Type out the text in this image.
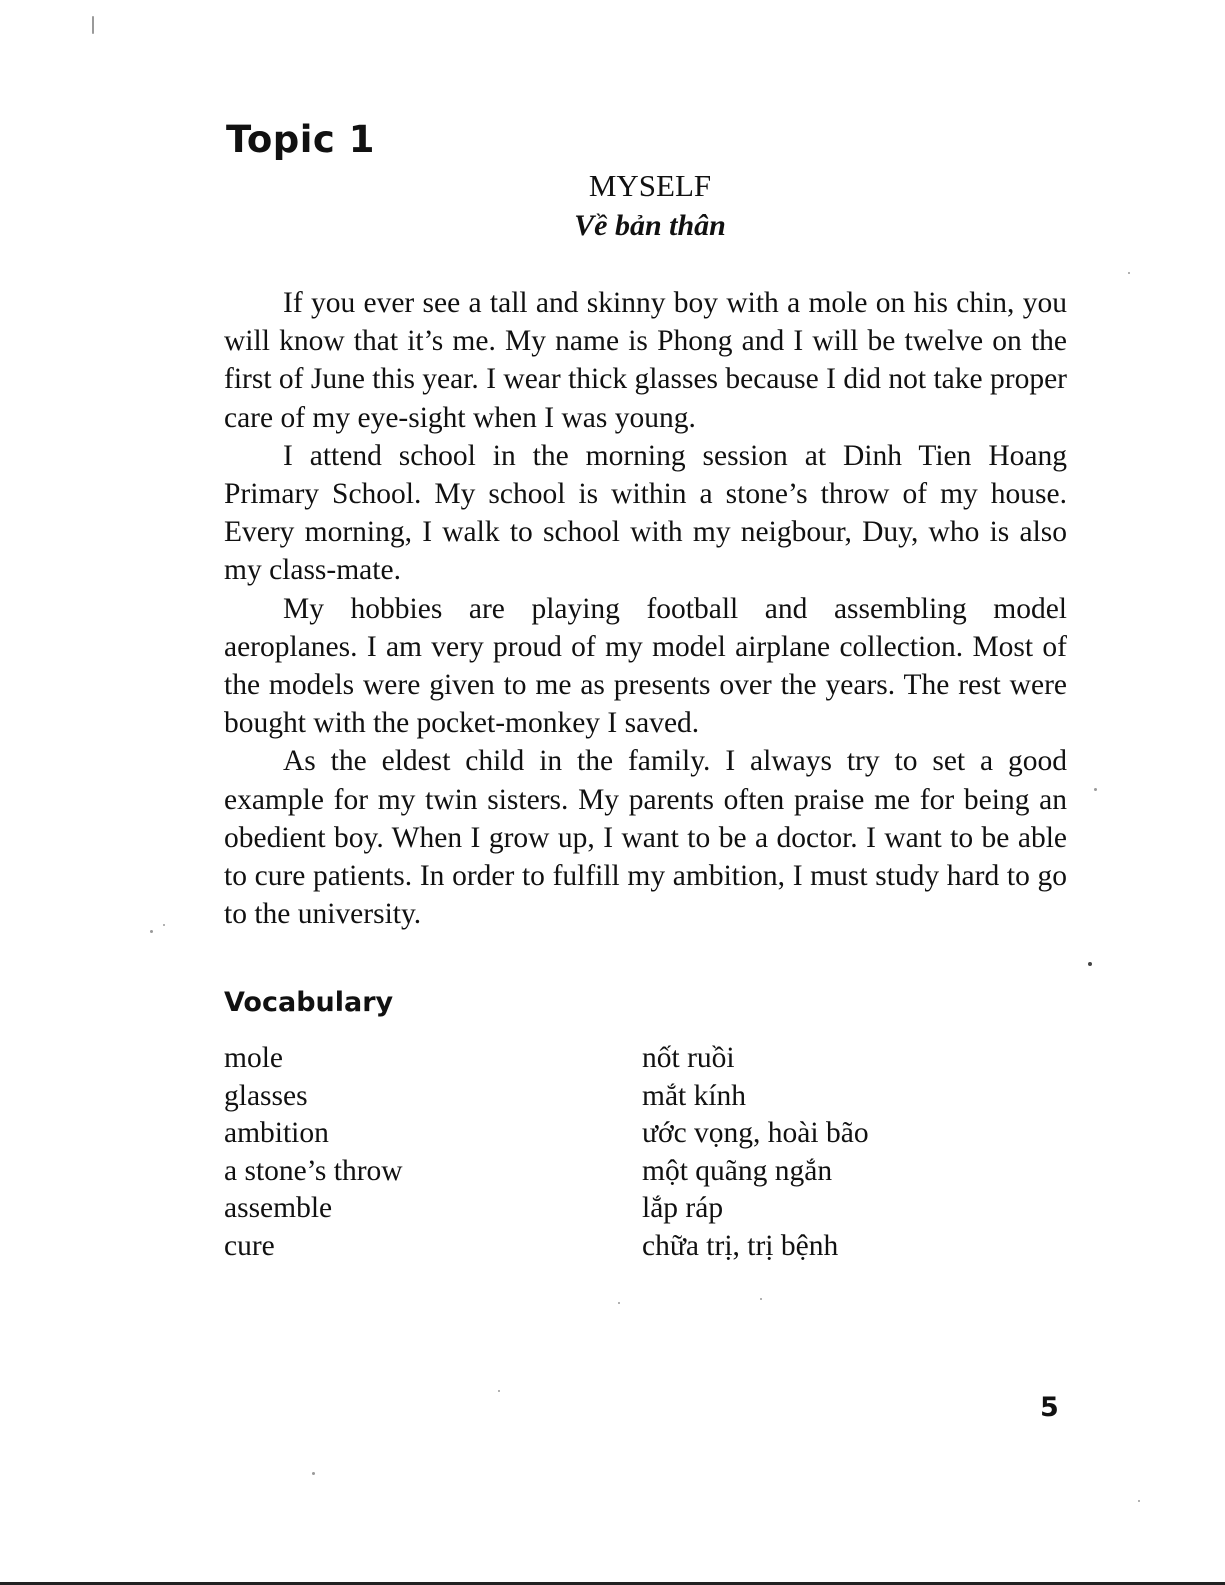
Topic 1
MYSELF
Về bản thân

If you ever see a tall and skinny boy with a mole on his chin, you will know that it’s me. My name is Phong and I will be twelve on the first of June this year. I wear thick glasses because I did not take proper care of my eye-sight when I was young.

I attend school in the morning session at Dinh Tien Hoang Primary School. My school is within a stone’s throw of my house. Every morning, I walk to school with my neigbour, Duy, who is also my class-mate.

My hobbies are playing football and assembling model aeroplanes. I am very proud of my model airplane collection. Most of the models were given to me as presents over the years. The rest were bought with the pocket-monkey I saved.

As the eldest child in the family. I always try to set a good example for my twin sisters. My parents often praise me for being an obedient boy. When I grow up, I want to be a doctor. I want to be able to cure patients. In order to fulfill my ambition, I must study hard to go to the university.

Vocabulary
mole	nốt ruồi
glasses	mắt kính
ambition	ước vọng, hoài bão
a stone’s throw	một quãng ngắn
assemble	lắp ráp
cure	chữa trị, trị bệnh
5
